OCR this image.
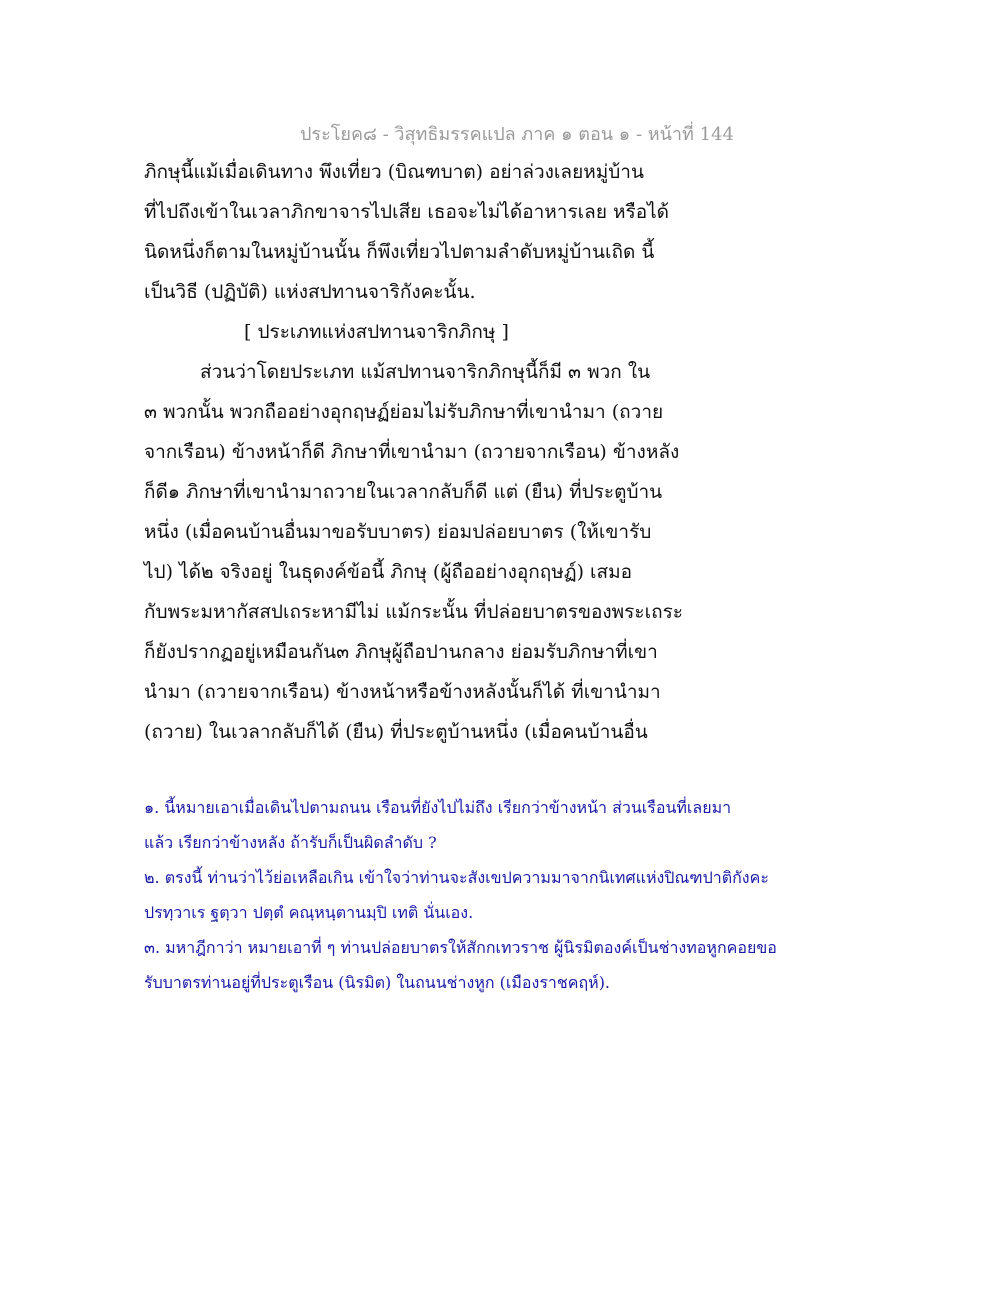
ประโยค๘ - วิสุทธิมรรคแปล ภาค ๑ ตอน ๑ - หน้าที่ 144
ภิกษุนี้แม้เมื่อเดินทาง พึงเที่ยว (บิณฑบาต) อย่าล่วงเลยหมู่บ้าน
ที่ไปถึงเข้าในเวลาภิกขาจารไปเสีย เธอจะไม่ได้อาหารเลย หรือได้
นิดหนึ่งก็ตามในหมู่บ้านนั้น ก็พึงเที่ยวไปตามลำดับหมู่บ้านเถิด นี้
เป็นวิธี (ปฏิบัติ) แห่งสปทานจาริกังคะนั้น.
[ ประเภทแห่งสปทานจาริกภิกษุ ]
ส่วนว่าโดยประเภท แม้สปทานจาริกภิกษุนี้ก็มี ๓ พวก ใน
๓ พวกนั้น พวกถืออย่างอุกฤษฏ์ย่อมไม่รับภิกษาที่เขานำมา (ถวาย
จากเรือน) ข้างหน้าก็ดี ภิกษาที่เขานำมา (ถวายจากเรือน) ข้างหลัง
ก็ดี๑ ภิกษาที่เขานำมาถวายในเวลากลับก็ดี แต่ (ยืน) ที่ประตูบ้าน
หนึ่ง (เมื่อคนบ้านอื่นมาขอรับบาตร) ย่อมปล่อยบาตร (ให้เขารับ
ไป) ได้๒ จริงอยู่ ในธุดงค์ข้อนี้ ภิกษุ (ผู้ถืออย่างอุกฤษฏ์) เสมอ
กับพระมหากัสสปเถระหามีไม่ แม้กระนั้น ที่ปล่อยบาตรของพระเถระ
ก็ยังปรากฏอยู่เหมือนกัน๓ ภิกษุผู้ถือปานกลาง ย่อมรับภิกษาที่เขา
นำมา (ถวายจากเรือน) ข้างหน้าหรือข้างหลังนั้นก็ได้ ที่เขานำมา
(ถวาย) ในเวลากลับก็ได้ (ยืน) ที่ประตูบ้านหนึ่ง (เมื่อคนบ้านอื่น
๑. นี้หมายเอาเมื่อเดินไปตามถนน เรือนที่ยังไปไม่ถึง เรียกว่าข้างหน้า ส่วนเรือนที่เลยมา
แล้ว เรียกว่าข้างหลัง ถ้ารับก็เป็นผิดลำดับ ?
๒. ตรงนี้ ท่านว่าไว้ย่อเหลือเกิน เข้าใจว่าท่านจะสังเขปความมาจากนิเทศแห่งปิณฑปาติกังคะ
ปรทฺวาเร ฐตฺวา ปตฺตํ คณฺหนฺตานมฺปิ เทติ นั่นเอง.
๓. มหาฎีกาว่า หมายเอาที่ ๆ ท่านปล่อยบาตรให้สักกเทวราช ผู้นิรมิตองค์เป็นช่างทอหูกคอยขอ
รับบาตรท่านอยู่ที่ประตูเรือน (นิรมิต) ในถนนช่างหูก (เมืองราชคฤห์).
